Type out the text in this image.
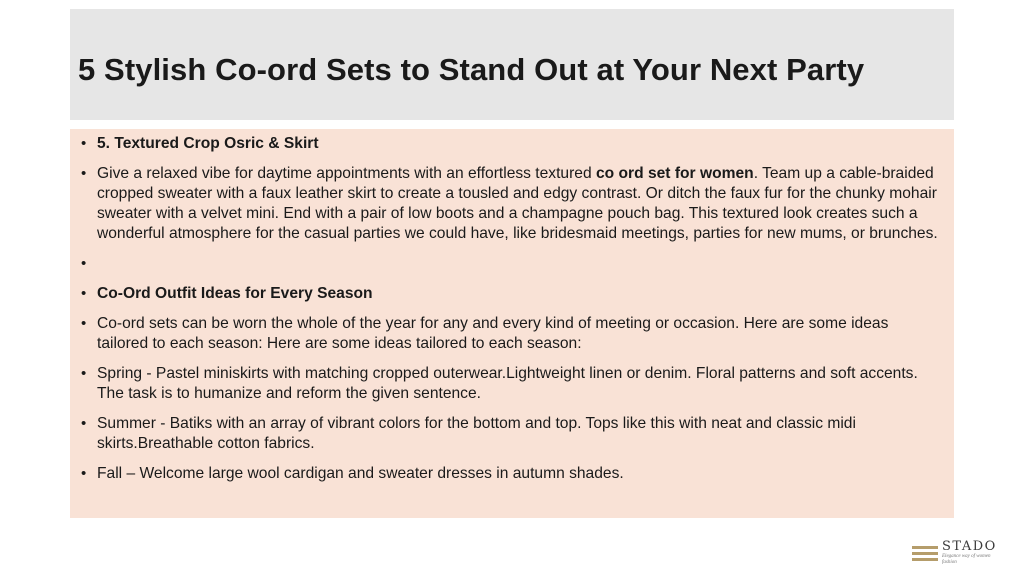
5 Stylish Co-ord Sets to Stand Out at Your Next Party
• 5. Textured Crop Osric & Skirt
• Give a relaxed vibe for daytime appointments with an effortless textured co ord set for women. Team up a cable-braided cropped sweater with a faux leather skirt to create a tousled and edgy contrast. Or ditch the faux fur for the chunky mohair sweater with a velvet mini. End with a pair of low boots and a champagne pouch bag. This textured look creates such a wonderful atmosphere for the casual parties we could have, like bridesmaid meetings, parties for new mums, or brunches.
•
• Co-Ord Outfit Ideas for Every Season
• Co-ord sets can be worn the whole of the year for any and every kind of meeting or occasion. Here are some ideas tailored to each season: Here are some ideas tailored to each season:
• Spring - Pastel miniskirts with matching cropped outerwear.Lightweight linen or denim. Floral patterns and soft accents. The task is to humanize and reform the given sentence.
• Summer - Batiks with an array of vibrant colors for the bottom and top. Tops like this with neat and classic midi skirts.Breathable cotton fabrics.
• Fall – Welcome large wool cardigan and sweater dresses in autumn shades.
STADO
Elegance way of women fashion
